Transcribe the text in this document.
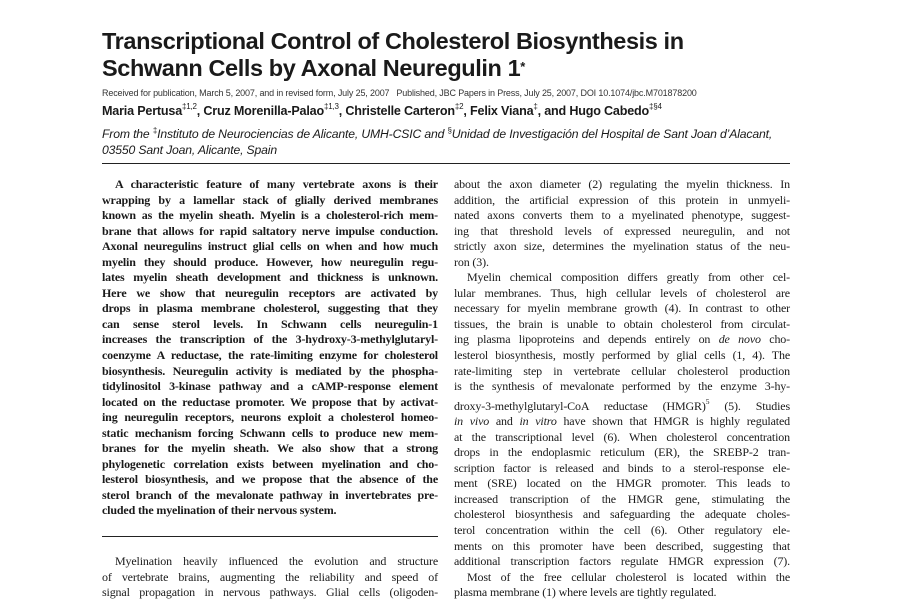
Transcriptional Control of Cholesterol Biosynthesis in
Schwann Cells by Axonal Neuregulin 1*
Received for publication, March 5, 2007, and in revised form, July 25, 2007 Published, JBC Papers in Press, July 25, 2007, DOI 10.1074/jbc.M701878200
Maria Pertusa$^{\ddagger 1,2}$, Cruz Morenilla-Palao$^{\ddagger 1,3}$, Christelle Carteron$^{\ddagger 2}$, Felix Viana‡, and Hugo Cabedo$^{\ddagger\S 4}$
From the ‡Instituto de Neurociencias de Alicante, UMH-CSIC and §Unidad de Investigación del Hospital de Sant Joan d’Alacant,
03550 Sant Joan, Alicante, Spain
A characteristic feature of many vertebrate axons is their
wrapping by a lamellar stack of glially derived membranes
known as the myelin sheath. Myelin is a cholesterol-rich mem-
brane that allows for rapid saltatory nerve impulse conduction.
Axonal neuregulins instruct glial cells on when and how much
myelin they should produce. However, how neuregulin regu-
lates myelin sheath development and thickness is unknown.
Here we show that neuregulin receptors are activated by
drops in plasma membrane cholesterol, suggesting that they
can sense sterol levels. In Schwann cells neuregulin-1
increases the transcription of the 3-hydroxy-3-methylglutaryl-
coenzyme A reductase, the rate-limiting enzyme for cholesterol
biosynthesis. Neuregulin activity is mediated by the phospha-
tidylinositol 3-kinase pathway and a cAMP-response element
located on the reductase promoter. We propose that by activat-
ing neuregulin receptors, neurons exploit a cholesterol homeo-
static mechanism forcing Schwann cells to produce new mem-
branes for the myelin sheath. We also show that a strong
phylogenetic correlation exists between myelination and cho-
lesterol biosynthesis, and we propose that the absence of the
sterol branch of the mevalonate pathway in invertebrates pre-
cluded the myelination of their nervous system.
Myelination heavily influenced the evolution and structure
of vertebrate brains, augmenting the reliability and speed of
signal propagation in nervous pathways. Glial cells (oligoden-
about the axon diameter (2) regulating the myelin thickness. In
addition, the artificial expression of this protein in unmyeli-
nated axons converts them to a myelinated phenotype, suggest-
ing that threshold levels of expressed neuregulin, and not
strictly axon size, determines the myelination status of the neu-
ron (3).
Myelin chemical composition differs greatly from other cel-
lular membranes. Thus, high cellular levels of cholesterol are
necessary for myelin membrane growth (4). In contrast to other
tissues, the brain is unable to obtain cholesterol from circulat-
ing plasma lipoproteins and depends entirely on de novo cho-
lesterol biosynthesis, mostly performed by glial cells (1, 4). The
rate-limiting step in vertebrate cellular cholesterol production
is the synthesis of mevalonate performed by the enzyme 3-hy-
droxy-3-methylglutaryl-CoA reductase (HMGR)$^5$ (5). Studies
in vivo and in vitro have shown that HMGR is highly regulated
at the transcriptional level (6). When cholesterol concentration
drops in the endoplasmic reticulum (ER), the SREBP-2 tran-
scription factor is released and binds to a sterol-response ele-
ment (SRE) located on the HMGR promoter. This leads to
increased transcription of the HMGR gene, stimulating the
cholesterol biosynthesis and safeguarding the adequate choles-
terol concentration within the cell (6). Other regulatory ele-
ments on this promoter have been described, suggesting that
additional transcription factors regulate HMGR expression (7).
Most of the free cellular cholesterol is located within the
plasma membrane (1) where levels are tightly regulated.
